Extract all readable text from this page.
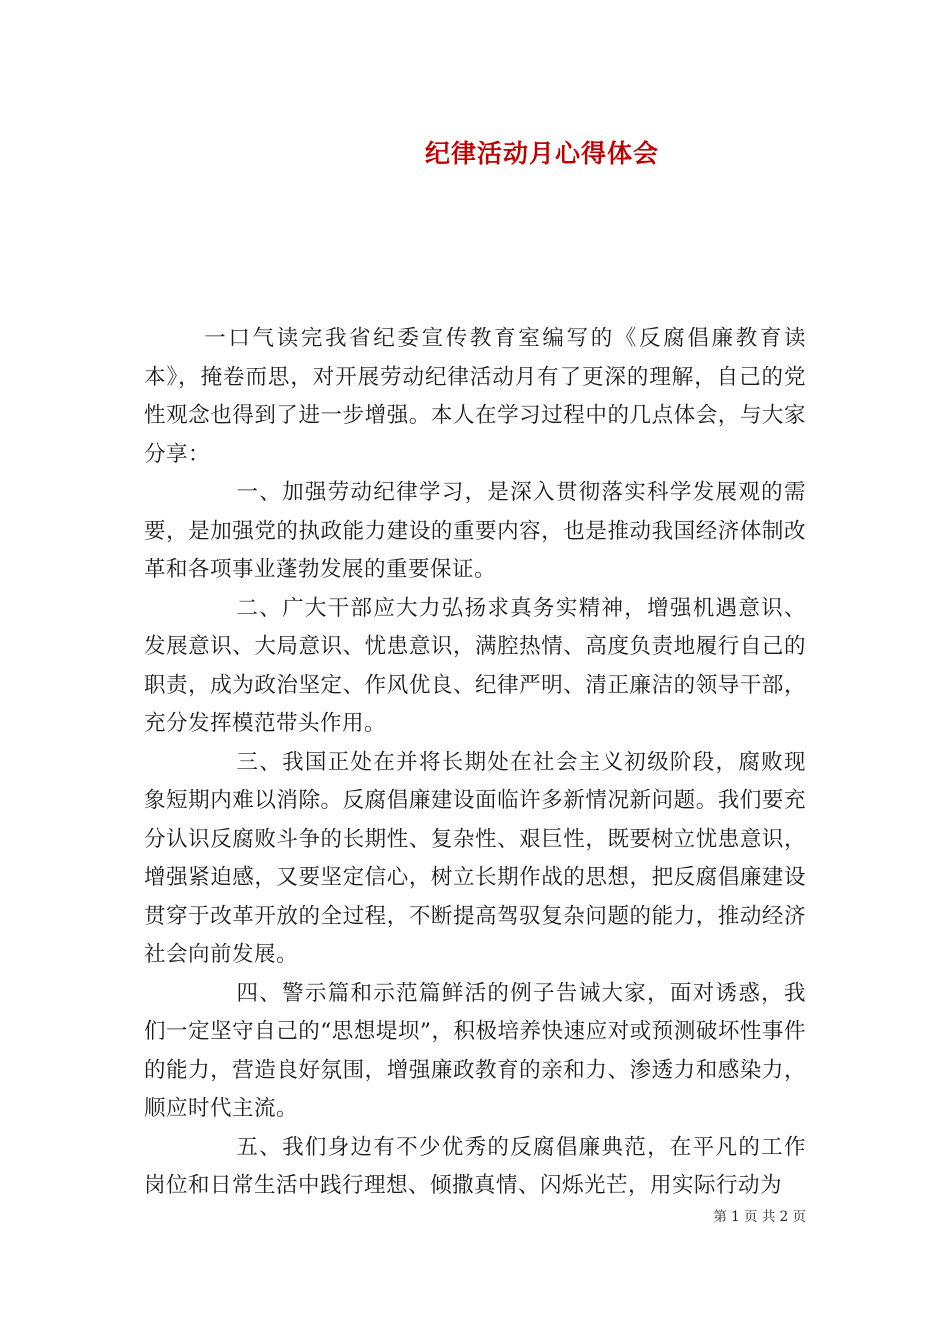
纪律活动月心得体会

一口气读完我省纪委宣传教育室编写的《反腐倡廉教育读本》，掩卷而思，对开展劳动纪律活动月有了更深的理解，自己的党性观念也得到了进一步增强。本人在学习过程中的几点体会，与大家分享：

一、加强劳动纪律学习，是深入贯彻落实科学发展观的需要，是加强党的执政能力建设的重要内容，也是推动我国经济体制改革和各项事业蓬勃发展的重要保证。

二、广大干部应大力弘扬求真务实精神，增强机遇意识、发展意识、大局意识、忧患意识，满腔热情、高度负责地履行自己的职责，成为政治坚定、作风优良、纪律严明、清正廉洁的领导干部，充分发挥模范带头作用。

三、我国正处在并将长期处在社会主义初级阶段，腐败现象短期内难以消除。反腐倡廉建设面临许多新情况新问题。我们要充分认识反腐败斗争的长期性、复杂性、艰巨性，既要树立忧患意识，增强紧迫感，又要坚定信心，树立长期作战的思想，把反腐倡廉建设贯穿于改革开放的全过程，不断提高驾驭复杂问题的能力，推动经济社会向前发展。

四、警示篇和示范篇鲜活的例子告诫大家，面对诱惑，我们一定坚守自己的“思想堤坝”，积极培养快速应对或预测破坏性事件的能力，营造良好氛围，增强廉政教育的亲和力、渗透力和感染力，顺应时代主流。

五、我们身边有不少优秀的反腐倡廉典范，在平凡的工作岗位和日常生活中践行理想、倾撒真情、闪烁光芒，用实际行动为

第 1 页 共 2 页
